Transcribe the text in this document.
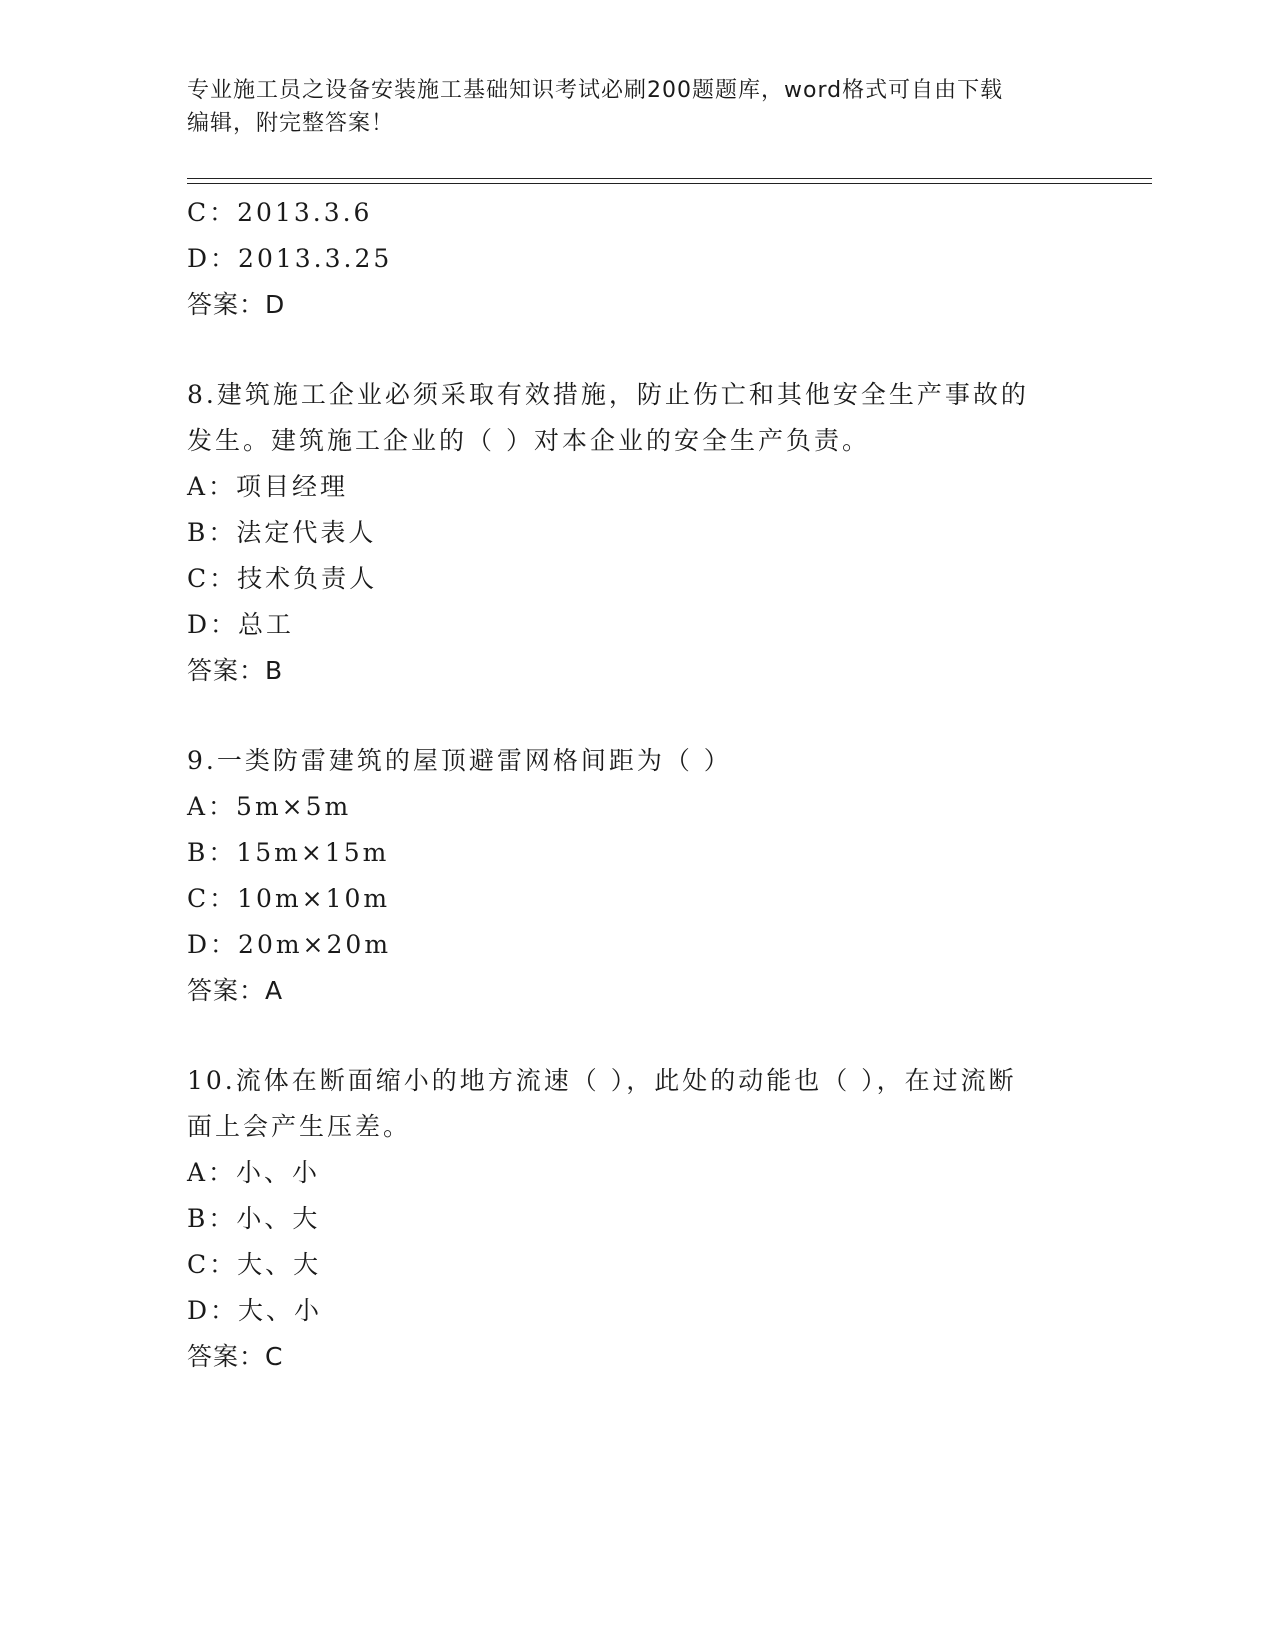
专业施工员之设备安装施工基础知识考试必刷200题题库，word格式可自由下载
编辑，附完整答案！
C：2013.3.6
D：2013.3.25
答案：D
8.建筑施工企业必须采取有效措施，防止伤亡和其他安全生产事故的
发生。建筑施工企业的（ ）对本企业的安全生产负责。
A：项目经理
B：法定代表人
C：技术负责人
D：总工
答案：B
9.一类防雷建筑的屋顶避雷网格间距为（ ）
A：5m×5m
B：15m×15m
C：10m×10m
D：20m×20m
答案：A
10.流体在断面缩小的地方流速（ ），此处的动能也（ ），在过流断
面上会产生压差。
A：小、小
B：小、大
C：大、大
D：大、小
答案：C
